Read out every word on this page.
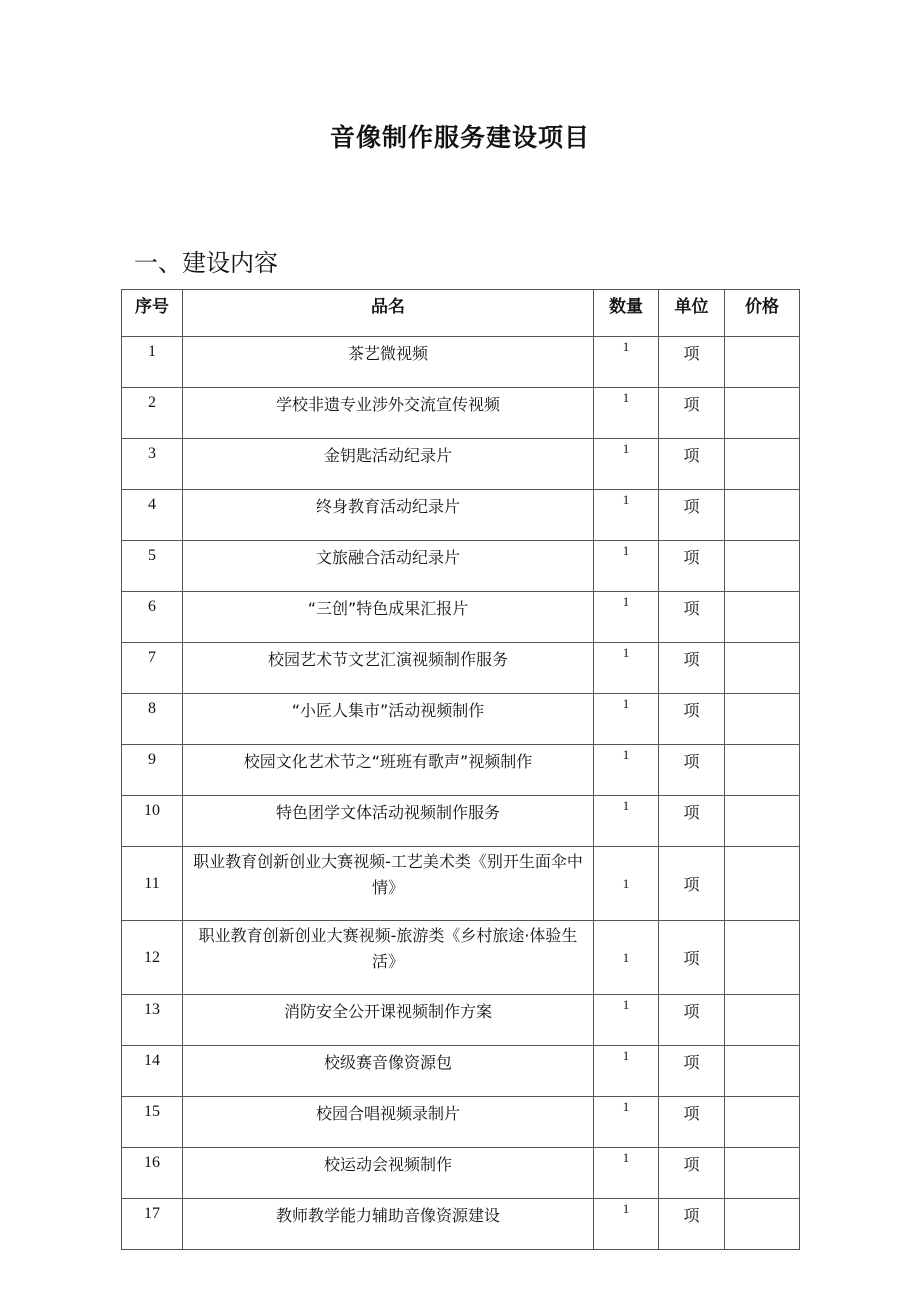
音像制作服务建设项目
一、建设内容
序号	品名	数量	单位	价格
1	茶艺微视频	1	项	
2	学校非遗专业涉外交流宣传视频	1	项	
3	金钥匙活动纪录片	1	项	
4	终身教育活动纪录片	1	项	
5	文旅融合活动纪录片	1	项	
6	“三创”特色成果汇报片	1	项	
7	校园艺术节文艺汇演视频制作服务	1	项	
8	“小匠人集市”活动视频制作	1	项	
9	校园文化艺术节之“班班有歌声”视频制作	1	项	
10	特色团学文体活动视频制作服务	1	项	
11	职业教育创新创业大赛视频-工艺美术类《别开生面伞中情》	1	项	
12	职业教育创新创业大赛视频-旅游类《乡村旅途·体验生活》	1	项	
13	消防安全公开课视频制作方案	1	项	
14	校级赛音像资源包	1	项	
15	校园合唱视频录制片	1	项	
16	校运动会视频制作	1	项	
17	教师教学能力辅助音像资源建设	1	项	
